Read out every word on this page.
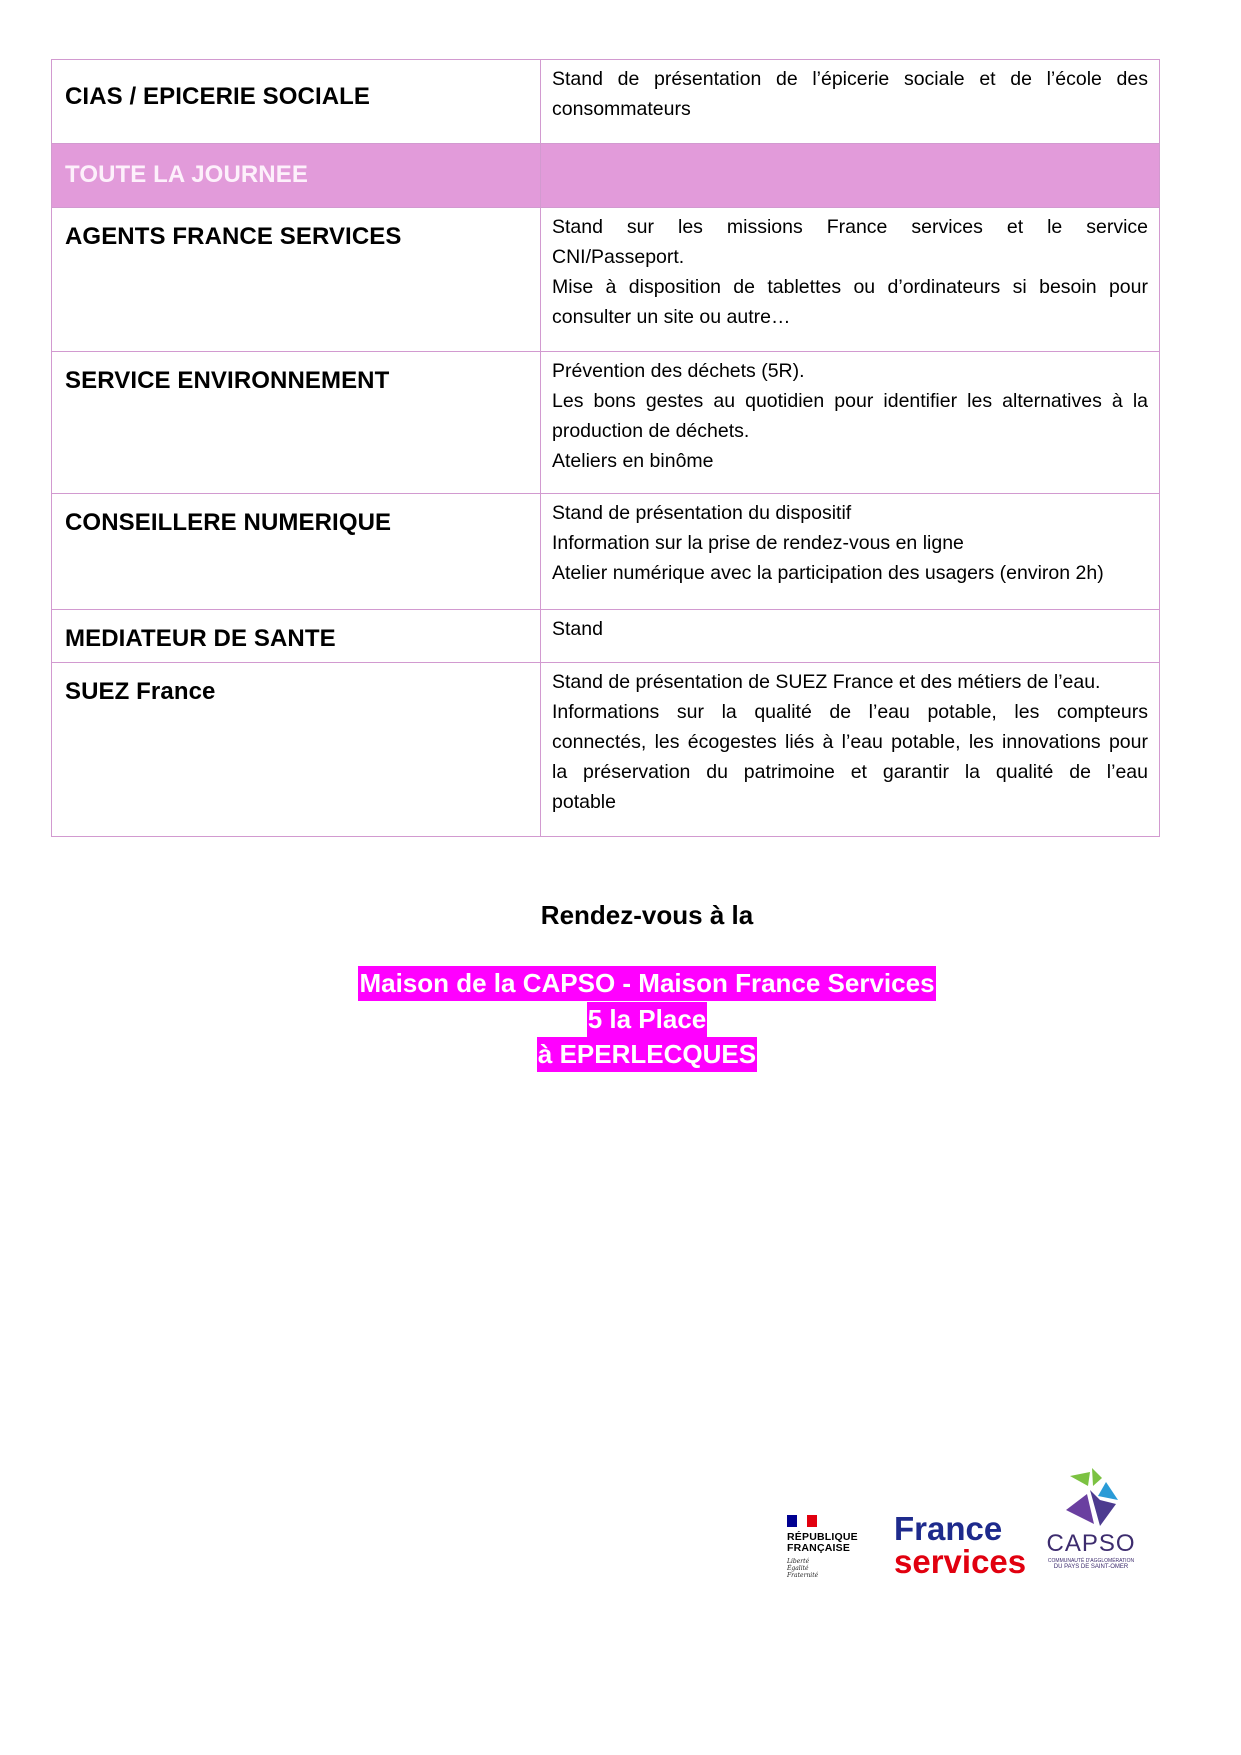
CIAS / EPICERIE SOCIALE	Stand de présentation de l’épicerie sociale et de l’école des
consommateurs

TOUTE LA JOURNEE	

AGENTS FRANCE SERVICES	Stand sur les missions France services et le service
CNI/Passeport.
Mise à disposition de tablettes ou d’ordinateurs si besoin pour
consulter un site ou autre…

SERVICE ENVIRONNEMENT	Prévention des déchets (5R).
Les bons gestes au quotidien pour identifier les alternatives à la
production de déchets.
Ateliers en binôme

CONSEILLERE NUMERIQUE	Stand de présentation du dispositif
Information sur la prise de rendez-vous en ligne
Atelier numérique avec la participation des usagers (environ 2h)

MEDIATEUR DE SANTE	Stand

SUEZ France	Stand de présentation de SUEZ France et des métiers de l’eau.
Informations sur la qualité de l’eau potable, les compteurs
connectés, les écogestes liés à l’eau potable, les innovations pour
la préservation du patrimoine et garantir la qualité de l’eau
potable
Rendez-vous à la
Maison de la CAPSO - Maison France Services
5 la Place
à EPERLECQUES
RÉPUBLIQUE
FRANÇAISE
Liberté
Égalité
Fraternité
France
services CAPSO
COMMUNAUTÉ D'AGGLOMÉRATION
DU PAYS DE SAINT-OMER
